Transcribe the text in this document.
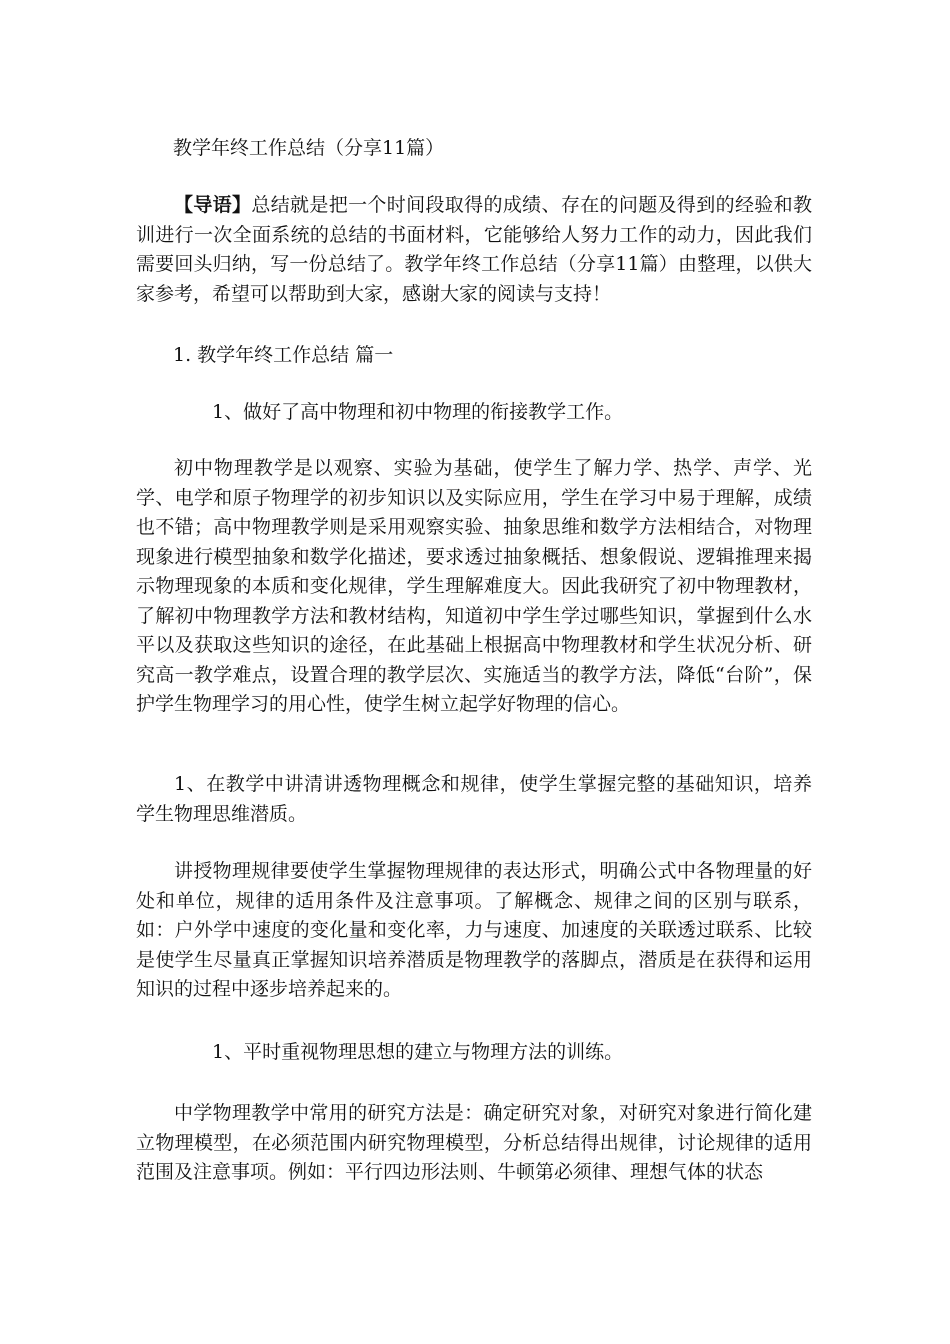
教学年终工作总结（分享11篇）

【导语】总结就是把一个时间段取得的成绩、存在的问题及得到的经验和教训进行一次全面系统的总结的书面材料，它能够给人努力工作的动力，因此我们需要回头归纳，写一份总结了。教学年终工作总结（分享11篇）由整理，以供大家参考，希望可以帮助到大家，感谢大家的阅读与支持！

1. 教学年终工作总结 篇一
1、做好了高中物理和初中物理的衔接教学工作。

初中物理教学是以观察、实验为基础，使学生了解力学、热学、声学、光学、电学和原子物理学的初步知识以及实际应用，学生在学习中易于理解，成绩也不错；高中物理教学则是采用观察实验、抽象思维和数学方法相结合，对物理现象进行模型抽象和数学化描述，要求透过抽象概括、想象假说、逻辑推理来揭示物理现象的本质和变化规律，学生理解难度大。因此我研究了初中物理教材，了解初中物理教学方法和教材结构，知道初中学生学过哪些知识，掌握到什么水平以及获取这些知识的途径，在此基础上根据高中物理教材和学生状况分析、研究高一教学难点，设置合理的教学层次、实施适当的教学方法，降低“台阶”，保护学生物理学习的用心性，使学生树立起学好物理的信心。

1、在教学中讲清讲透物理概念和规律，使学生掌握完整的基础知识，培养学生物理思维潜质。

讲授物理规律要使学生掌握物理规律的表达形式，明确公式中各物理量的好处和单位，规律的适用条件及注意事项。了解概念、规律之间的区别与联系，如：户外学中速度的变化量和变化率，力与速度、加速度的关联透过联系、比较是使学生尽量真正掌握知识培养潜质是物理教学的落脚点，潜质是在获得和运用知识的过程中逐步培养起来的。

1、平时重视物理思想的建立与物理方法的训练。

中学物理教学中常用的研究方法是：确定研究对象，对研究对象进行简化建立物理模型，在必须范围内研究物理模型，分析总结得出规律，讨论规律的适用范围及注意事项。例如：平行四边形法则、牛顿第必须律、理想气体的状态
